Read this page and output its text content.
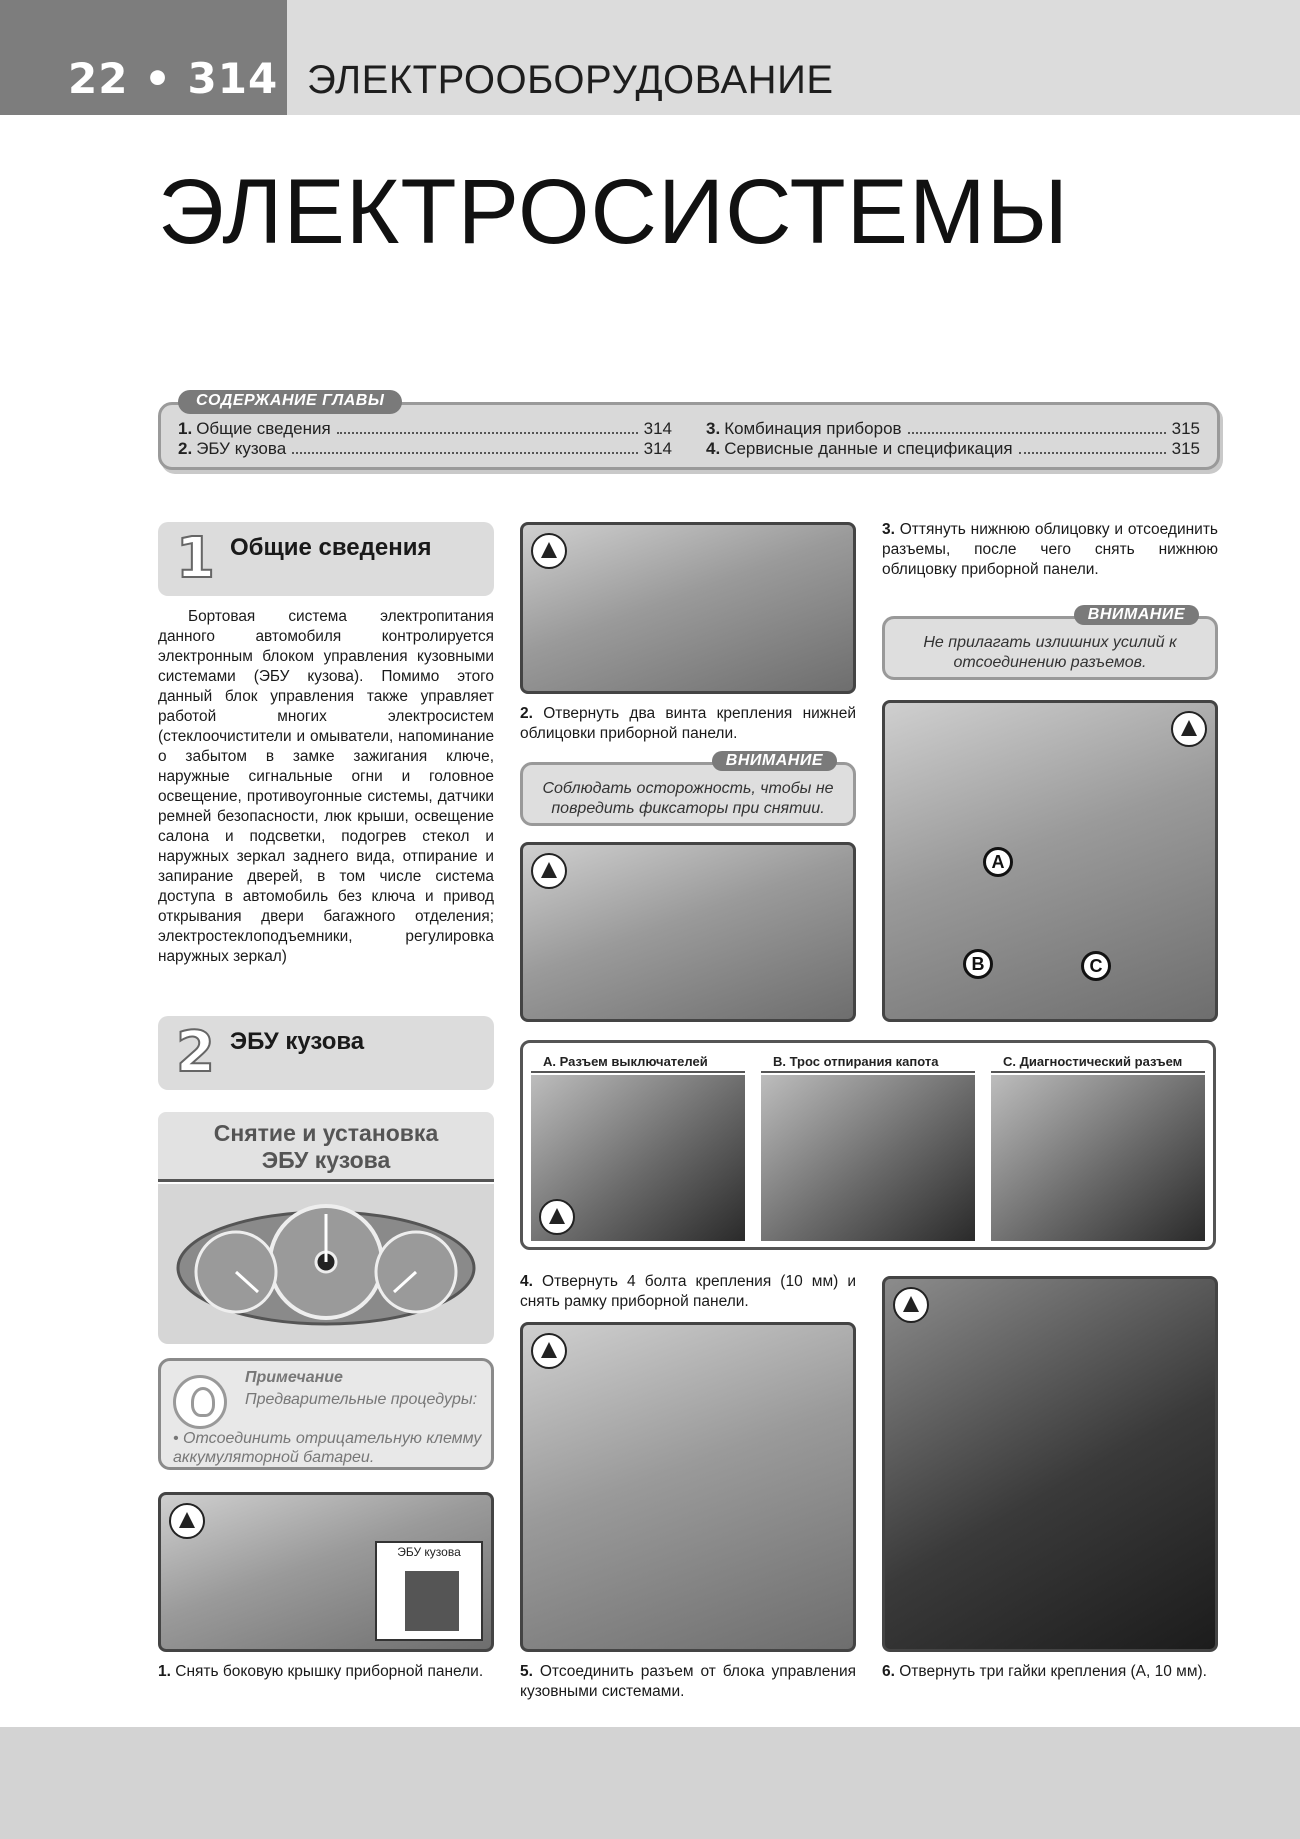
22 • 314 ЭЛЕКТРООБОРУДОВАНИЕ
ЭЛЕКТРОСИСТЕМЫ
СОДЕРЖАНИЕ ГЛАВЫ
1. Общие сведения	314
2. ЭБУ кузова	314
3. Комбинация приборов	315
4. Сервисные данные и спецификация	315
1 Общие сведения

Бортовая система электропитания данного автомобиля контролируется электронным блоком управления кузовными системами (ЭБУ кузова). Помимо этого данный блок управления также управляет работой многих электросистем (стеклоочистители и омыватели, напоминание о забытом в замке зажигания ключе, наружные сигнальные огни и головное освещение, противоугонные системы, датчики ремней безопасности, люк крыши, освещение салона и подсветки, подогрев стекол и наружных зеркал заднего вида, отпирание и запирание дверей, в том числе система доступа в автомобиль без ключа и привод открывания двери багажного отделения; электростеклоподъемники, регулировка наружных зеркал)

2 ЭБУ кузова
Снятие и установка
ЭБУ кузова
Примечание
Предварительные процедуры:
• Отсоединить отрицательную клемму аккумуляторной батареи.
ЭБУ кузова
1. Снять боковую крышку приборной панели.
2. Отвернуть два винта крепления нижней облицовки приборной панели.
ВНИМАНИЕ
Соблюдать осторожность, чтобы не повредить фиксаторы при снятии.
3. Оттянуть нижнюю облицовку и отсоединить разъемы, после чего снять нижнюю облицовку приборной панели.
ВНИМАНИЕ
Не прилагать излишних усилий к отсоединению разъемов.
A
B	C
A. Разъем выключателей	B. Трос отпирания капота	C. Диагностический разъем
4. Отвернуть 4 болта крепления (10 мм) и снять рамку приборной панели.
5. Отсоединить разъем от блока управления кузовными системами.
6. Отвернуть три гайки крепления (А, 10 мм).
